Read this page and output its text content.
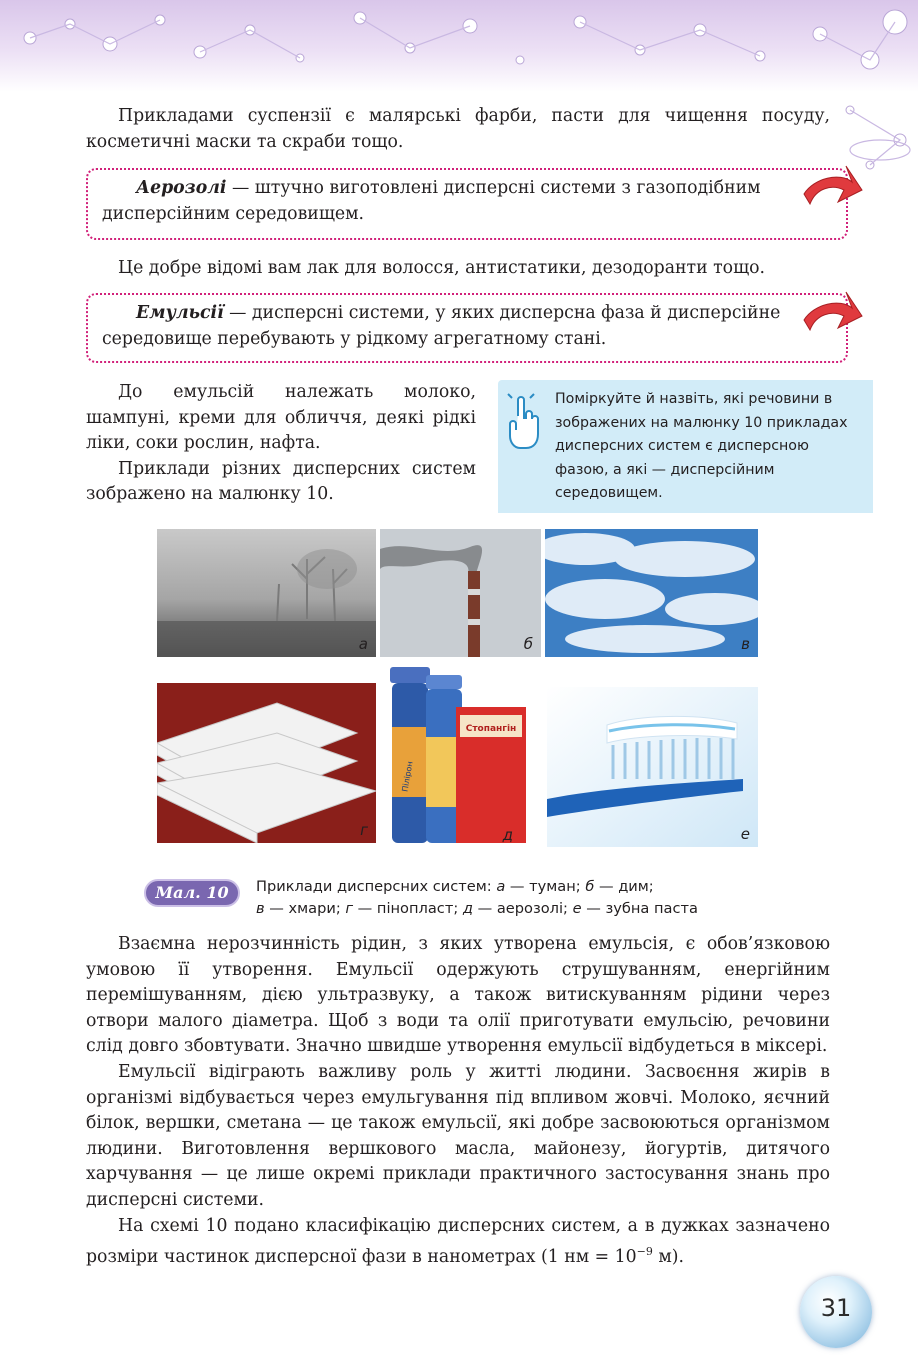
Прикладами суспензії є малярські фарби, пасти для чищення посуду, косметичні маски та скраби тощо.

Аерозолі — штучно виготовлені дисперсні системи з газоподібним дисперсійним середовищем.

Це добре відомі вам лак для волосся, антистатики, дезодоранти тощо.

Емульсії — дисперсні системи, у яких дисперсна фаза й дисперсійне середовище перебувають у рідкому агрегатному стані.

До емульсій належать молоко, шампуні, креми для обличчя, деякі рідкі ліки, соки рослин, нафта.

Приклади різних дисперсних систем зображено на малюнку 10.

Поміркуйте й назвіть, які речовини в зображених на малюнку 10 прикладах дисперсних систем є дисперсною фазою, а які — дисперсійним середовищем.
а	б	в
г
Стопангін
Пілірон
д	е
Мал. 10	Приклади дисперсних систем: а — туман; б — дим;
в — хмари; г — пінопласт; д — аерозолі; е — зубна паста

Взаємна нерозчинність рідин, з яких утворена емульсія, є обов’язковою умовою її утворення. Емульсії одержують струшуванням, енергійним перемішуванням, дією ультразвуку, а також витискуванням рідини через отвори малого діаметра. Щоб з води та олії приготувати емульсію, речовини слід довго збовтувати. Значно швидше утворення емульсії відбудеться в міксері.

Емульсії відіграють важливу роль у житті людини. Засвоєння жирів в організмі відбувається через емульгування під впливом жовчі. Молоко, яєчний білок, вершки, сметана — це також емульсії, які добре засвоюються організмом людини. Виготовлення вершкового масла, майонезу, йогуртів, дитячого харчування — це лише окремі приклади практичного застосування знань про дисперсні системи.

На схемі 10 подано класифікацію дисперсних систем, а в дужках зазначено розміри частинок дисперсної фази в нанометрах (1 нм = $10^{-9}$ м).

31
